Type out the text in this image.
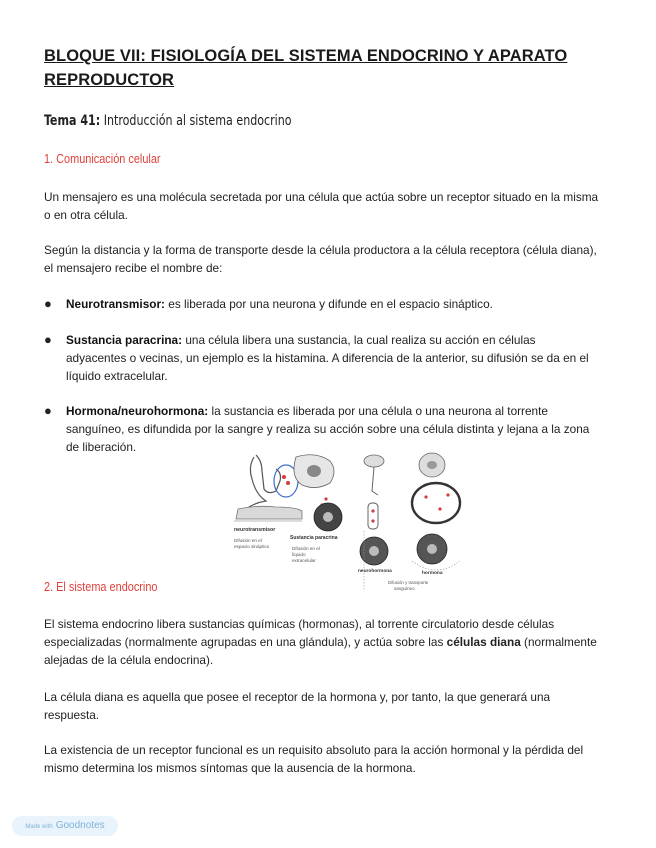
BLOQUE VII: FISIOLOGÍA DEL SISTEMA ENDOCRINO Y APARATO REPRODUCTOR
Tema 41: Introducción al sistema endocrino
1. Comunicación celular
Un mensajero es una molécula secretada por una célula que actúa sobre un receptor situado en la misma o en otra célula.
Según la distancia y la forma de transporte desde la célula productora a la célula receptora (célula diana), el mensajero recibe el nombre de:
● Neurotransmisor: es liberada por una neurona y difunde en el espacio sináptico.
● Sustancia paracrina: una célula libera una sustancia, la cual realiza su acción en células adyacentes o vecinas, un ejemplo es la histamina. A diferencia de la anterior, su difusión se da en el líquido extracelular.
● Hormona/neurohormona: la sustancia es liberada por una célula o una neurona al torrente sanguíneo, es difundida por la sangre y realiza su acción sobre una célula distinta y lejana a la zona de liberación.
neurotransmisor
Difusión en el
espacio sináptico
Sustancia paracrina
Difusión en el
líquido
extracelular
neurohormona	hormona
Difusión y transporte
sanguíneo
2. El sistema endocrino
El sistema endocrino libera sustancias químicas (hormonas), al torrente circulatorio desde células especializadas (normalmente agrupadas en una glándula), y actúa sobre las células diana (normalmente alejadas de la célula endocrina).
La célula diana es aquella que posee el receptor de la hormona y, por tanto, la que generará una respuesta.
La existencia de un receptor funcional es un requisito absoluto para la acción hormonal y la pérdida del mismo determina los mismos síntomas que la ausencia de la hormona.
Made with Goodnotes
